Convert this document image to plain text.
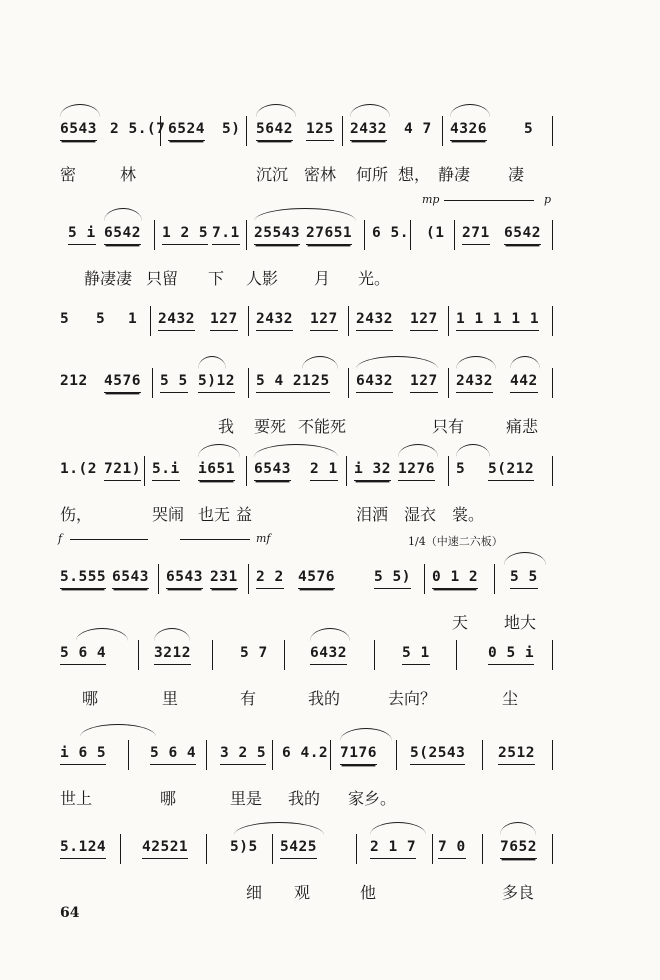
6543 2 5.(7 6524 5) 5642 125 2432 4 7 4326	5
密	林	沉沉 密林 何所 想， 静凄 凄
mp	p
5 i 6542 1 2 5 7.1 25543 27651 6 5. (1 271 6542
静凄凄 只留 下 人影 月 光。
5 5 1 2432 127 2432 127 2432 127 1 1 1 1 1
212 4576 5 5 5)12 5 4 2 125 6432 127 2432 442
我 要死 不能死	只有	痛悲
1.(2 721) 5.i i651 6543 2 1 i 32 1276 5 5(212
伤，	哭闹 也无 益	泪洒 湿衣 裳。
f	mf	1/4（中速二六板）
5.555 6543 6543 231 2 2 4576	5 5) 0 1 2 5 5
天 地大
5 6 4	3212	5 7	6432	5 1	0 5 i
哪	里	有	我的	去向？	尘
i 6 5	5 6 4 3 2 5 6 4.2 7176 5(2543 2512
世上	哪	里是 我的 家乡。
5.124 42521	5)5 5425	2 1 7 7 0 7652
细 观	他	多良
64
